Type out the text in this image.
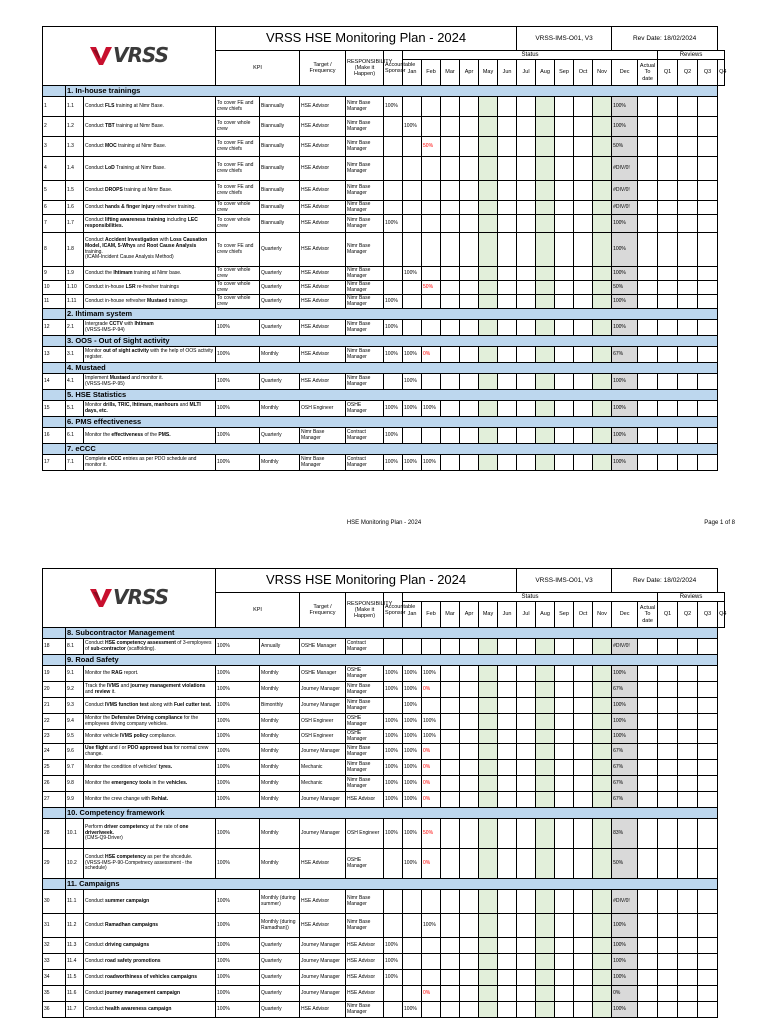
VRSS			VRSS HSE Monitoring Plan - 2024											VRSS-IMS-O01, V3					Rev Date: 18/02/2024					
			KPI		Target / Frequency	RESPONSIBILITY (Make it Happen)	Accountable Sponsor	Status													Reviews			
								Jan	Feb	Mar	Apr	May	Jun	Jul	Aug	Sep	Oct	Nov	Dec	Actual To date	Q1	Q2	Q3	Q4
	1. In-house trainings																							
1	1.1	Conduct FLS training at Nimr Base.	To cover FE and crew chiefs	Biannually	HSE Advisor	Nimr Base Manager	100%												100%					
2	1.2	Conduct TBT training at Nimr Base.	To cover whole crew	Biannually	HSE Advisor	Nimr Base Manager		100%											100%					
3	1.3	Conduct MOC training at Nimr Base.	To cover FE and crew chiefs	Biannually	HSE Advisor	Nimr Base Manager			50%										50%					
4	1.4	Conduct LoD Training at Nimr Base.	To cover FE and crew chiefs	Biannually	HSE Advisor	Nimr Base Manager													#DIV/0!					
5	1.5	Conduct DROPS training at Nimr Base.	To cover FE and crew chiefs	Biannually	HSE Advisor	Nimr Base Manager													#DIV/0!					
6	1.6	Conduct hands & finger injury refresher training.	To cover whole crew	Biannually	HSE Advisor	Nimr Base Manager													#DIV/0!					
7	1.7	Conduct lifting awareness training including LEC responsibilities.	To cover whole crew	Biannually	HSE Advisor	Nimr Base Manager	100%												100%					
8	1.8	Conduct Accident Investigation with Loss Causation Model, ICAM, 5-Whys and Root Cause Analysis training.
(ICAM-Incident Cause Analysis Method)	To cover FE and crew chiefs	Quarterly	HSE Advisor	Nimr Base Manager													100%					
9	1.9	Conduct the Ihtimam training at Nimr base.	To cover whole crew	Quarterly	HSE Advisor	Nimr Base Manager		100%											100%					
10	1.10	Conduct in-house LSR re-fresher trainings	To cover whole crew	Quarterly	HSE Advisor	Nimr Base Manager			50%										50%					
11	1.11	Conduct in-house refresher Mustaed trainings	To cover whole crew	Quarterly	HSE Advisor	Nimr Base Manager	100%												100%					
	2. Ihtimam system																							
12	2.1	Intergrade CCTV with Ihtimam
(VRSS-IMS-P-94)	100%	Quarterly	HSE Advisor	Nimr Base Manager	100%												100%					
	3. OOS - Out of Sight activity																							
13	3.1	Monitor out of sight activity with the help of OOS activity register.	100%	Monthly	HSE Advisor	Nimr Base Manager	100%	100%	0%										67%					
	4. Mustaed																							
14	4.1	Implement Mustaed and monitor it.
(VRSS-IMS-P-95)	100%	Quarterly	HSE Advisor	Nimr Base Manager		100%											100%					
	5. HSE Statistics																							
15	5.1	Monitor drills, TRIC, Ihtimam, manhours and MLTI days, etc.	100%	Monthly	OSH Engineer	OSHE Manager	100%	100%	100%										100%					
	6. PMS effectiveness																							
16	6.1	Monitor the effectiveness of the PMS.	100%	Quarterly	Nimr Base Manager	Contract Manager	100%												100%					
	7. eCCC																							
17	7.1	Complete eCCC entries as per PDO schedule and monitor it.	100%	Monthly	Nimr Base Manager	Contract Manager	100%	100%	100%										100%					
HSE Monitoring Plan - 2024	Page 1 of 8
VRSS			VRSS HSE Monitoring Plan - 2024											VRSS-IMS-O01, V3					Rev Date: 18/02/2024					
			KPI		Target / Frequency	RESPONSIBILITY (Make it Happen)	Accountable Sponsor	Status													Reviews			
								Jan	Feb	Mar	Apr	May	Jun	Jul	Aug	Sep	Oct	Nov	Dec	Actual To date	Q1	Q2	Q3	Q4
	8. Subcontractor Management																							
18	8.1	Conduct HSE competency assessment of 3-employees of sub-contractor (scaffolding).	100%	Annually	OSHE Manager	Contract Manager													#DIV/0!					
	9. Road Safety																							
19	9.1	Monitor the RAG report.	100%	Monthly	OSHE Manager	OSHE Manager	100%	100%	100%										100%					
20	9.2	Track the IVMS and journey management violations and review it.	100%	Monthly	Journey Manager	Nimr Base Manager	100%	100%	0%										67%					
21	9.3	Conduct IVMS function test along with Fuel cutter test.	100%	Bimonthly	Journey Manager	Nimr Base Manager		100%											100%					
22	9.4	Monitor the Defensive Driving compliance for the employees driving company vehicles.	100%	Monthly	OSH Engineer	OSHE Manager	100%	100%	100%										100%					
23	9.5	Monitor vehicle IVMS policy compliance.	100%	Monthly	OSH Engineer	OSHE Manager	100%	100%	100%										100%					
24	9.6	Use flight and / or PDO approved bus for normal crew change.	100%	Monthly	Journey Manager	Nimr Base Manager	100%	100%	0%										67%					
25	9.7	Monitor the condition of vehicles' tyres.	100%	Monthly	Mechanic	Nimr Base Manager	100%	100%	0%										67%					
26	9.8	Monitor the emergency tools in the vehicles.	100%	Monthly	Mechanic	Nimr Base Manager	100%	100%	0%										67%					
27	9.9	Monitor the crew change with Rehlat.	100%	Monthly	Journey Manager	HSE Advisor	100%	100%	0%										67%					
	10. Competency framework																							
28	10.1	Perform driver competency at the rate of one driver/week.
(CMS-Q9-Driver)	100%	Monthly	Journey Manager	OSH Engineer	100%	100%	50%										83%					
29	10.2	Conduct HSE competency as per the shcedule.
(VRSS-IMS-P-90-Competnecy assessment - the schedule)	100%	Monthly	HSE Advisor	OSHE Manager		100%	0%										50%					
	11. Campaigns																							
30	11.1	Conduct summer campaign	100%	Monthly (during summer)	HSE Advisor	Nimr Base Manager													#DIV/0!					
31	11.2	Conduct Ramadhan campaigns	100%	Monthly (during Ramadhan))	HSE Advisor	Nimr Base Manager			100%										100%					
32	11.3	Conduct driving campaigns	100%	Quarterly	Journey Manager	HSE Advisor	100%												100%					
33	11.4	Conduct road safety promotions	100%	Quarterly	Journey Manager	HSE Advisor	100%												100%					
34	11.5	Conduct roadworthiness of vehicles campaigns	100%	Quarterly	Journey Manager	HSE Advisor	100%												100%					
35	11.6	Conduct journey management campaign	100%	Quarterly	Journey Manager	HSE Advisor			0%										0%					
36	11.7	Conduct health awareness campaign	100%	Quarterly	HSE Advisor	Nimr Base Manager		100%											100%					
